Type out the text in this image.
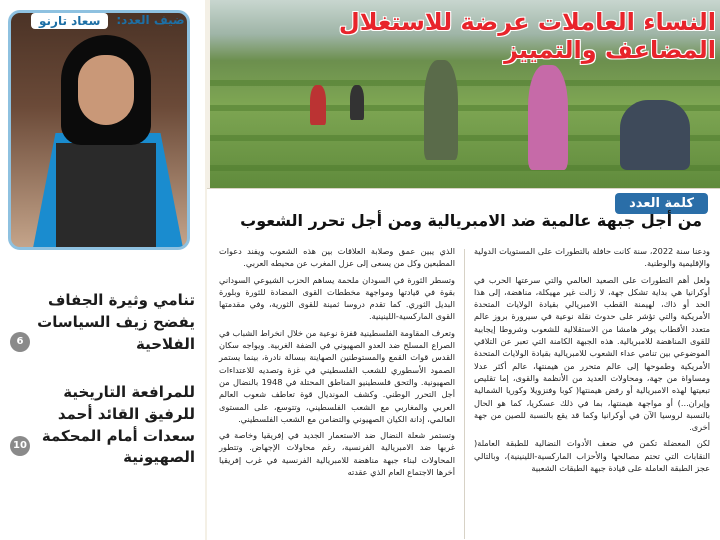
ضيف العدد:
سعاد تارنو
تنامي وثيرة الجفاف يفضح زيف السياسات الفلاحية
6
للمرافعة التاريخية للرفيق القائد أحمد سعدات أمام المحكمة الصهيونية
10
النساء العاملات عرضة للاستغلال المضاعف والتمييز
كلمة العدد
من أجل جبهة عالمية ضد الامبريالية ومن أجل تحرر الشعوب

ودعنا سنة 2022، سنة كانت حافلة بالتطورات على المستويات الدولية والإقليمية والوطنية.

ولعل أهم التطورات على الصعيد العالمي والتي سرعتها الحرب في أوكرانيا هي بداية تشكل جهة، لا زالت غير مهيكلة، مناهضة، إلى هذا الحد أو ذاك، لهيمنة القطب الامبريالي بقيادة الولايات المتحدة الأمريكية والتي تؤشر على حدوث نقلة نوعية في سيرورة بروز عالم متعدد الأقطاب يوفر هامشا من الاستقلالية للشعوب وشروطا إيجابية للقوى المناهضة للامبريالية. هذه الجبهة الكامنة التي تعبر عن التلاقي الموضوعي بين تنامي عداء الشعوب للامبريالية بقيادة الولايات المتحدة الأمريكية وطموحها إلى عالم متحرر من هيمنتها، عالم أكثر عدلا ومساواة من جهة، ومحاولات العديد من الأنظمة والقوى، إما تقليص تبعيتها لهذه الامبريالية أو رفض هيمنتها( كوبا وفنزويلا وكوريا الشمالية وإيران...) أو مواجهة هيمنتها، بما في ذلك عسكريا، كما هو الحال بالنسبة لروسيا الآن في أوكرانيا وكما قد يقع بالنسبة للصين من جهة أخرى.

لكن المعضلة تكمن في ضعف الأدوات النضالية للطبقة العاملة( النقابات التي تحتم مصالحها والأحزاب الماركسية-اللينينية)، وبالتالي عجز الطبقة العاملة على قيادة جبهة الطبقات الشعبية

الذي يبين عمق وصلابة العلاقات بين هذه الشعوب ويفند دعوات المطبعين وكل من يسعى إلى عزل المغرب عن محيطه العربي.

وتسطر الثورة في السودان ملحمة يساهم الحزب الشيوعي السوداني بقوة في قيادتها ومواجهة مخططات القوى المضادة للثورة وبلورة البديل الثوري. كما تقدم دروسا ثمينة للقوى الثورية، وفي مقدمتها القوى الماركسية-اللينينية.

وتعرف المقاومة الفلسطينية قفزة نوعية من خلال انخراط الشباب في الصراع المسلح ضد العدو الصهيوني في الضفة الغربية. ويواجه سكان القدس قوات القمع والمستوطنين الصهاينة ببسالة نادرة، بينما يستمر الصمود الأسطوري للشعب الفلسطيني في غزة وتصديه للاعتداءات الصهيونية. والتحق فلسطينيو المناطق المحتلة في 1948 بالنضال من أجل التحرر الوطني. وكشف المونديال قوة تعاطف شعوب العالم العربي والمغاربي مع الشعب الفلسطيني، وتتوسع، على المستوى العالمي، إدانة الكيان الصهيوني والتضامن مع الشعب الفلسطيني.

وتستمر شعلة النضال ضد الاستعمار الجديد في إفريقيا وخاصة في غربها ضد الامبريالية الفرنسية، رغم محاولات الإجهاض. وتتطور المحاولات لبناء جبهة مناهضة للامبريالية الفرنسية في غرب إفريقيا أخرها الاجتماع العام الذي عقدته
